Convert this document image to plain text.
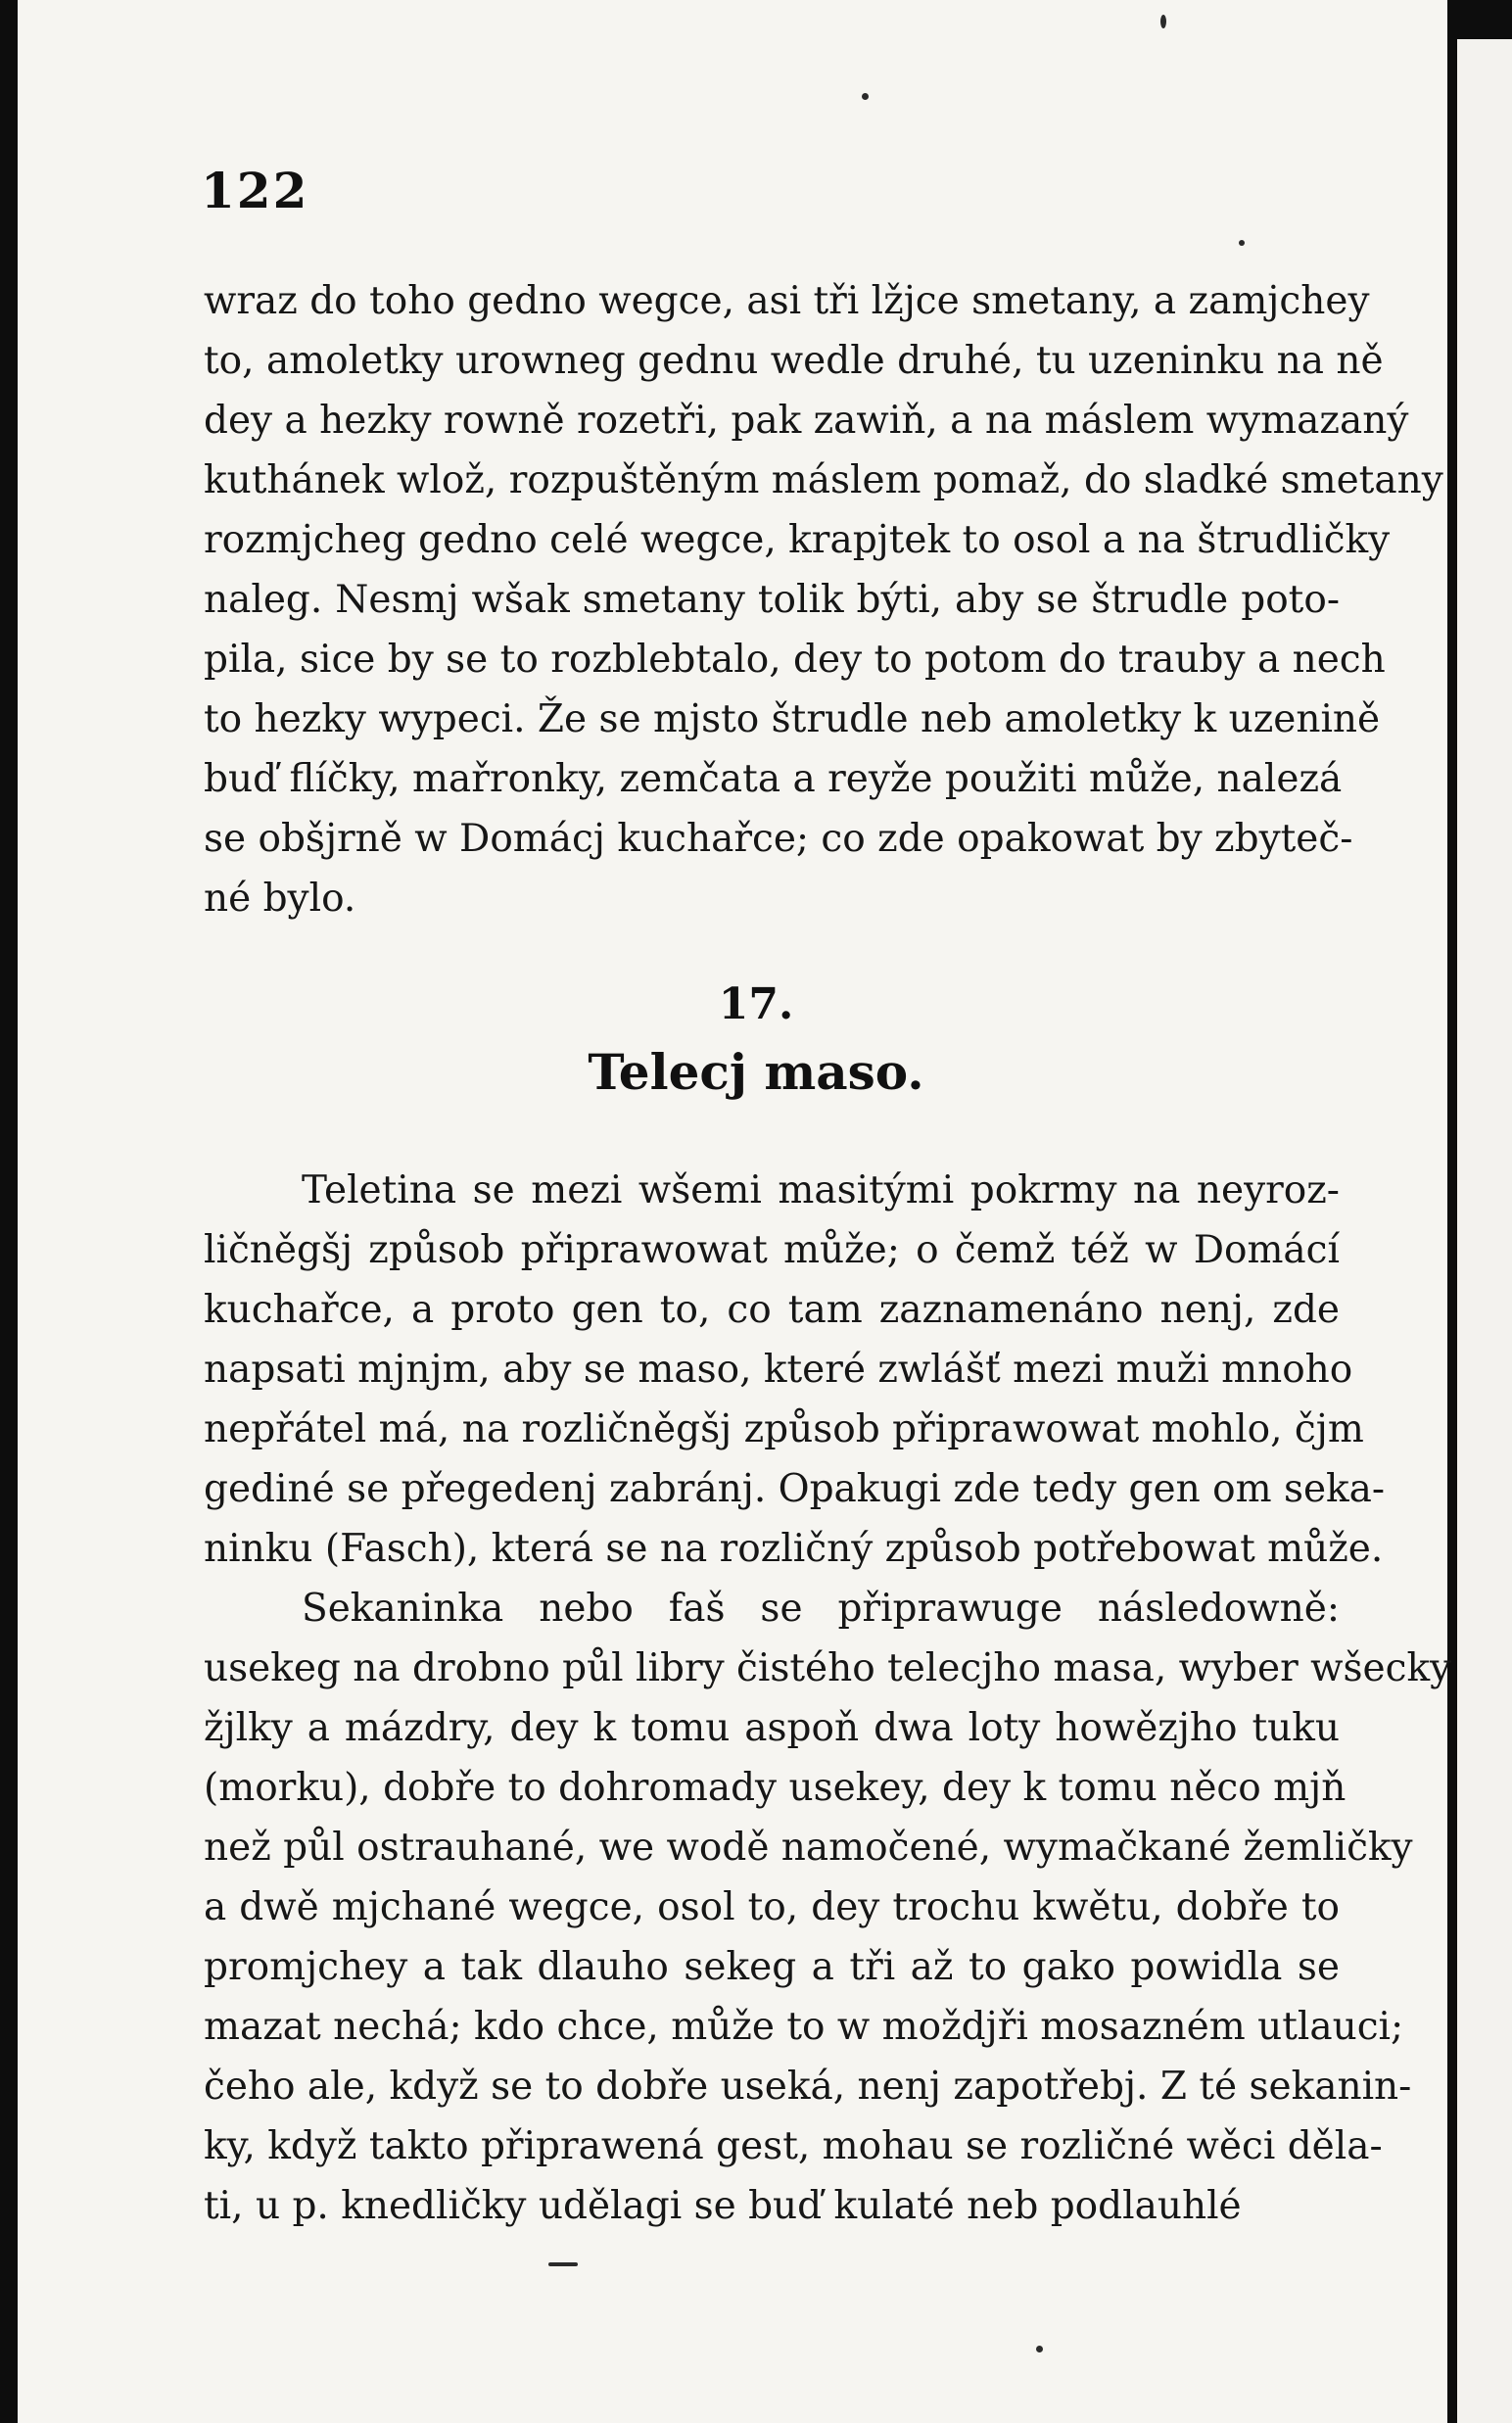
122
wraz do toho gedno wegce, asi tři lžjce smetany, a zamjchey
to, amoletky urowneg gednu wedle druhé, tu uzeninku na ně
dey a hezky rowně rozetři, pak zawiň, a na máslem wymazaný
kuthánek wlož, rozpuštěným máslem pomaž, do sladké smetany
rozmjcheg gedno celé wegce, krapjtek to osol a na štrudličky
naleg. Nesmj wšak smetany tolik býti, aby se štrudle poto-
pila, sice by se to rozblebtalo, dey to potom do trauby a nech
to hezky wypeci. Že se mjsto štrudle neb amoletky k uzenině
buď flíčky, mařronky, zemčata a reyže použiti může, nalezá
se obšjrně w Domácj kuchařce; co zde opakowat by zbyteč-
né bylo.
17.
Telecj maso.
Teletina se mezi wšemi masitými pokrmy na neyroz-
ličněgšj způsob připrawowat může; o čemž též w Domácí
kuchařce, a proto gen to, co tam zaznamenáno nenj, zde
napsati mjnjm, aby se maso, které zwlášť mezi muži mnoho
nepřátel má, na rozličněgšj způsob připrawowat mohlo, čjm
gediné se přegedenj zabránj. Opakugi zde tedy gen om seka-
ninku (Fasch), která se na rozličný způsob potřebowat může.
Sekaninka nebo faš se připrawuge následowně:
usekeg na drobno půl libry čistého telecjho masa, wyber wšecky
žjlky a mázdry, dey k tomu aspoň dwa loty howězjho tuku
(morku), dobře to dohromady usekey, dey k tomu něco mjň
než půl ostrauhané, we wodě namočené, wymačkané žemličky
a dwě mjchané wegce, osol to, dey trochu kwětu, dobře to
promjchey a tak dlauho sekeg a tři až to gako powidla se
mazat nechá; kdo chce, může to w moždjři mosazném utlauci;
čeho ale, když se to dobře useká, nenj zapotřebj. Z té sekanin-
ky, když takto připrawená gest, mohau se rozličné wěci děla-
ti, u p. knedličky udělagi se buď kulaté neb podlauhlé
